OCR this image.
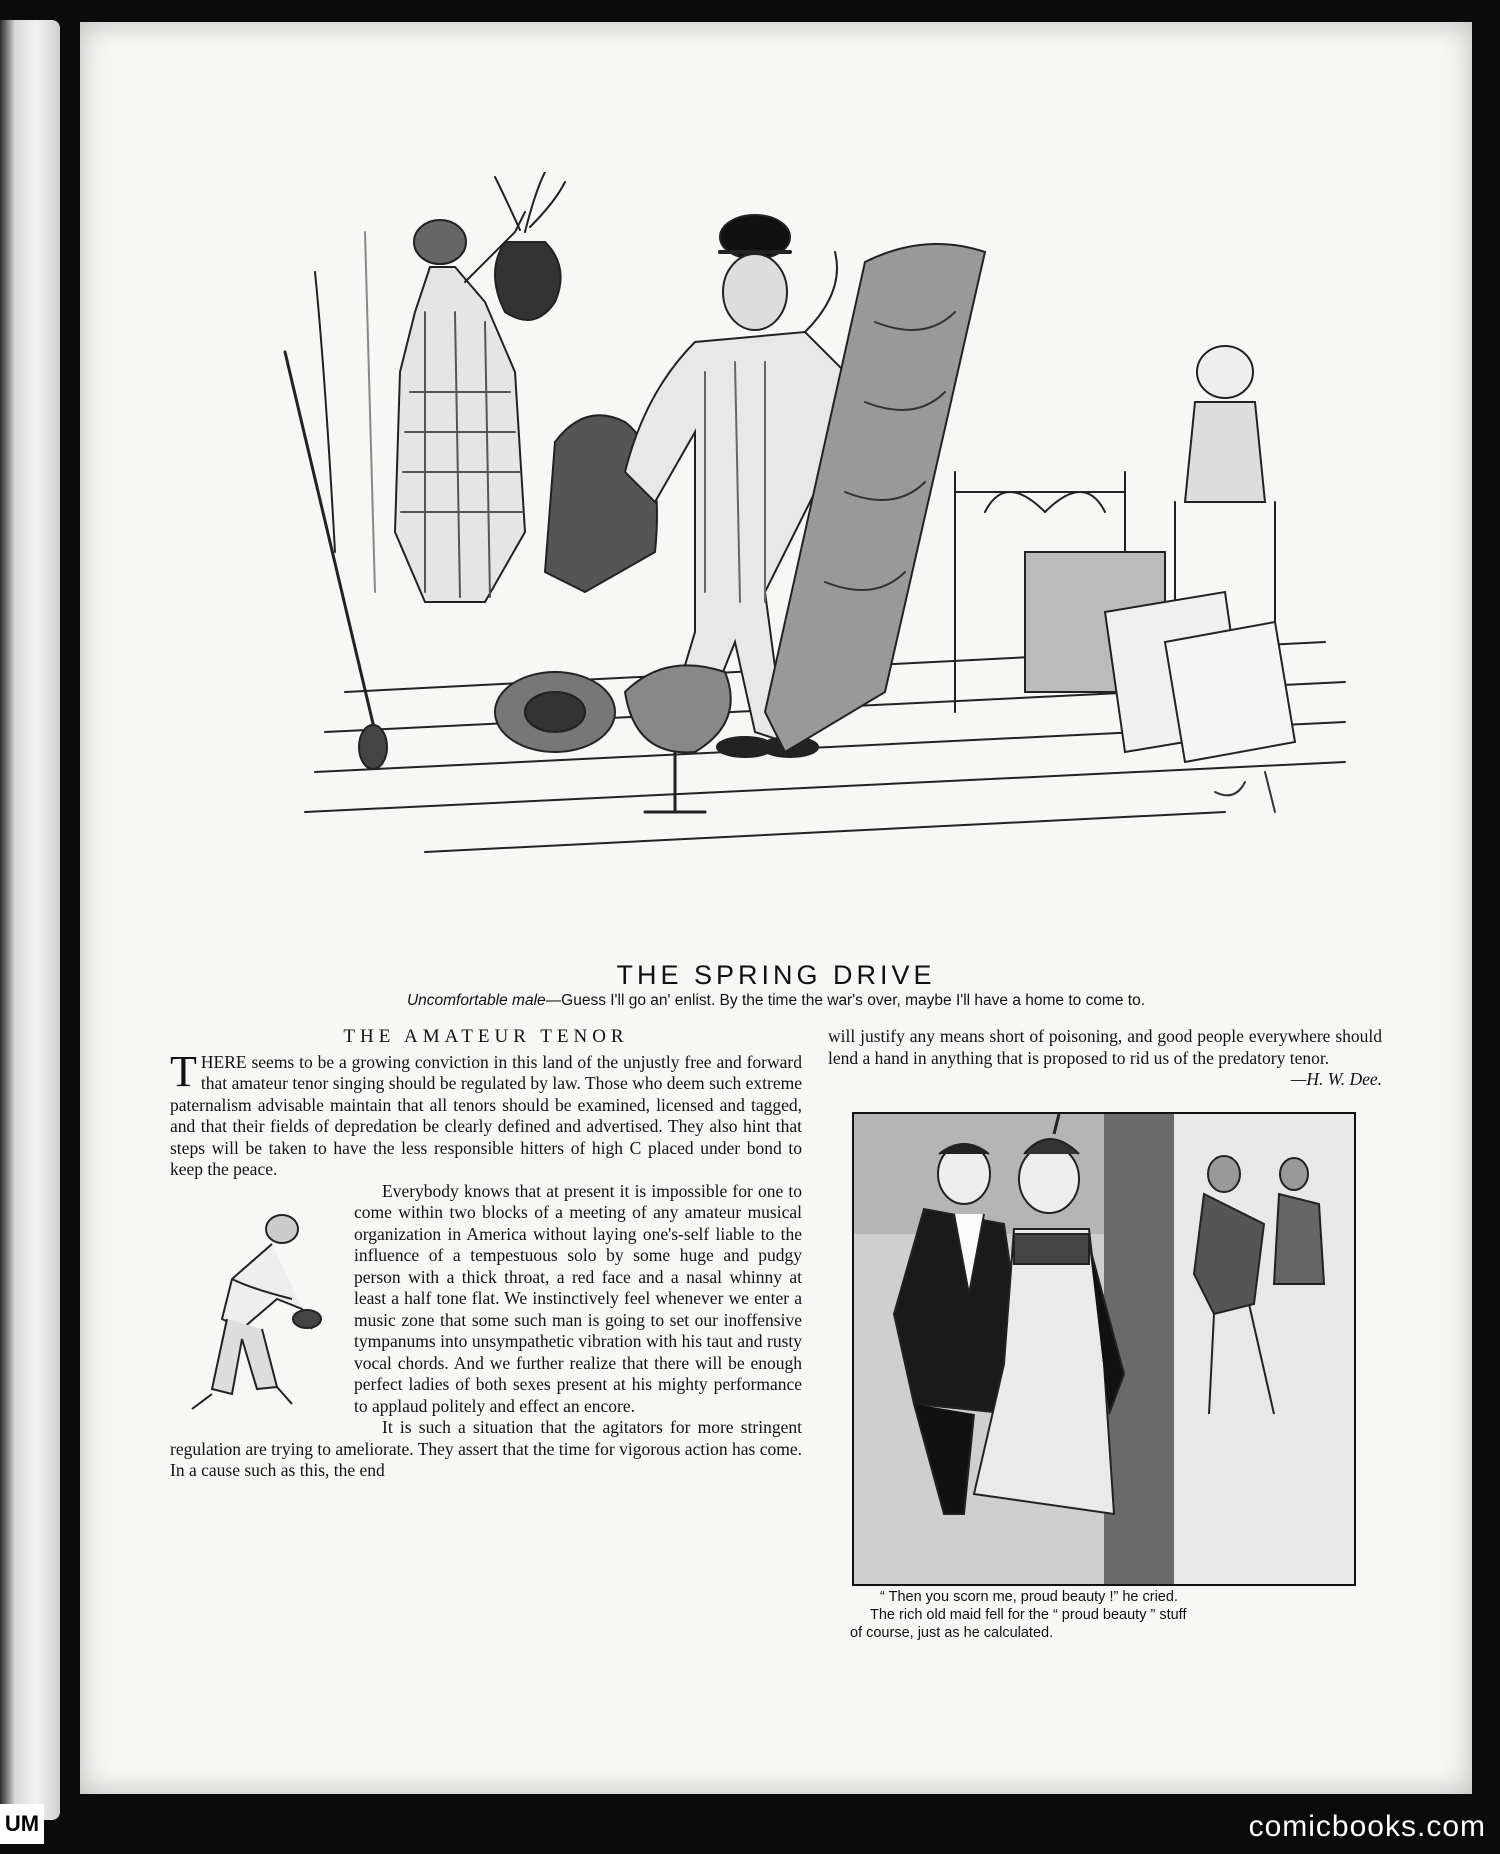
THE SPRING DRIVE
Uncomfortable male—Guess I'll go an' enlist. By the time the war's over, maybe I'll have a home to come to.
THE AMATEUR TENOR

THERE seems to be a growing conviction in this land of the unjustly free and forward that amateur tenor singing should be regulated by law. Those who deem such extreme paternalism advisable maintain that all tenors should be examined, licensed and tagged, and that their fields of depredation be clearly defined and advertised. They also hint that steps will be taken to have the less responsible hitters of high C placed under bond to keep the peace.

Everybody knows that at present it is impossible for one to come within two blocks of a meeting of any amateur musical organization in America without laying one's-self liable to the influence of a tempestuous solo by some huge and pudgy person with a thick throat, a red face and a nasal whinny at least a half tone flat. We instinctively feel whenever we enter a music zone that some such man is going to set our inoffensive tympanums into unsympathetic vibration with his taut and rusty vocal chords. And we further realize that there will be enough perfect ladies of both sexes present at his mighty performance to applaud politely and effect an encore.

It is such a situation that the agitators for more stringent regulation are trying to ameliorate. They assert that the time for vigorous action has come. In a cause such as this, the end

will justify any means short of poisoning, and good people everywhere should lend a hand in anything that is proposed to rid us of the predatory tenor.
—H. W. Dee.

“ Then you scorn me, proud beauty !” he cried.
The rich old maid fell for the “ proud beauty ” stuff
of course, just as he calculated.
UM	comicbooks.com
